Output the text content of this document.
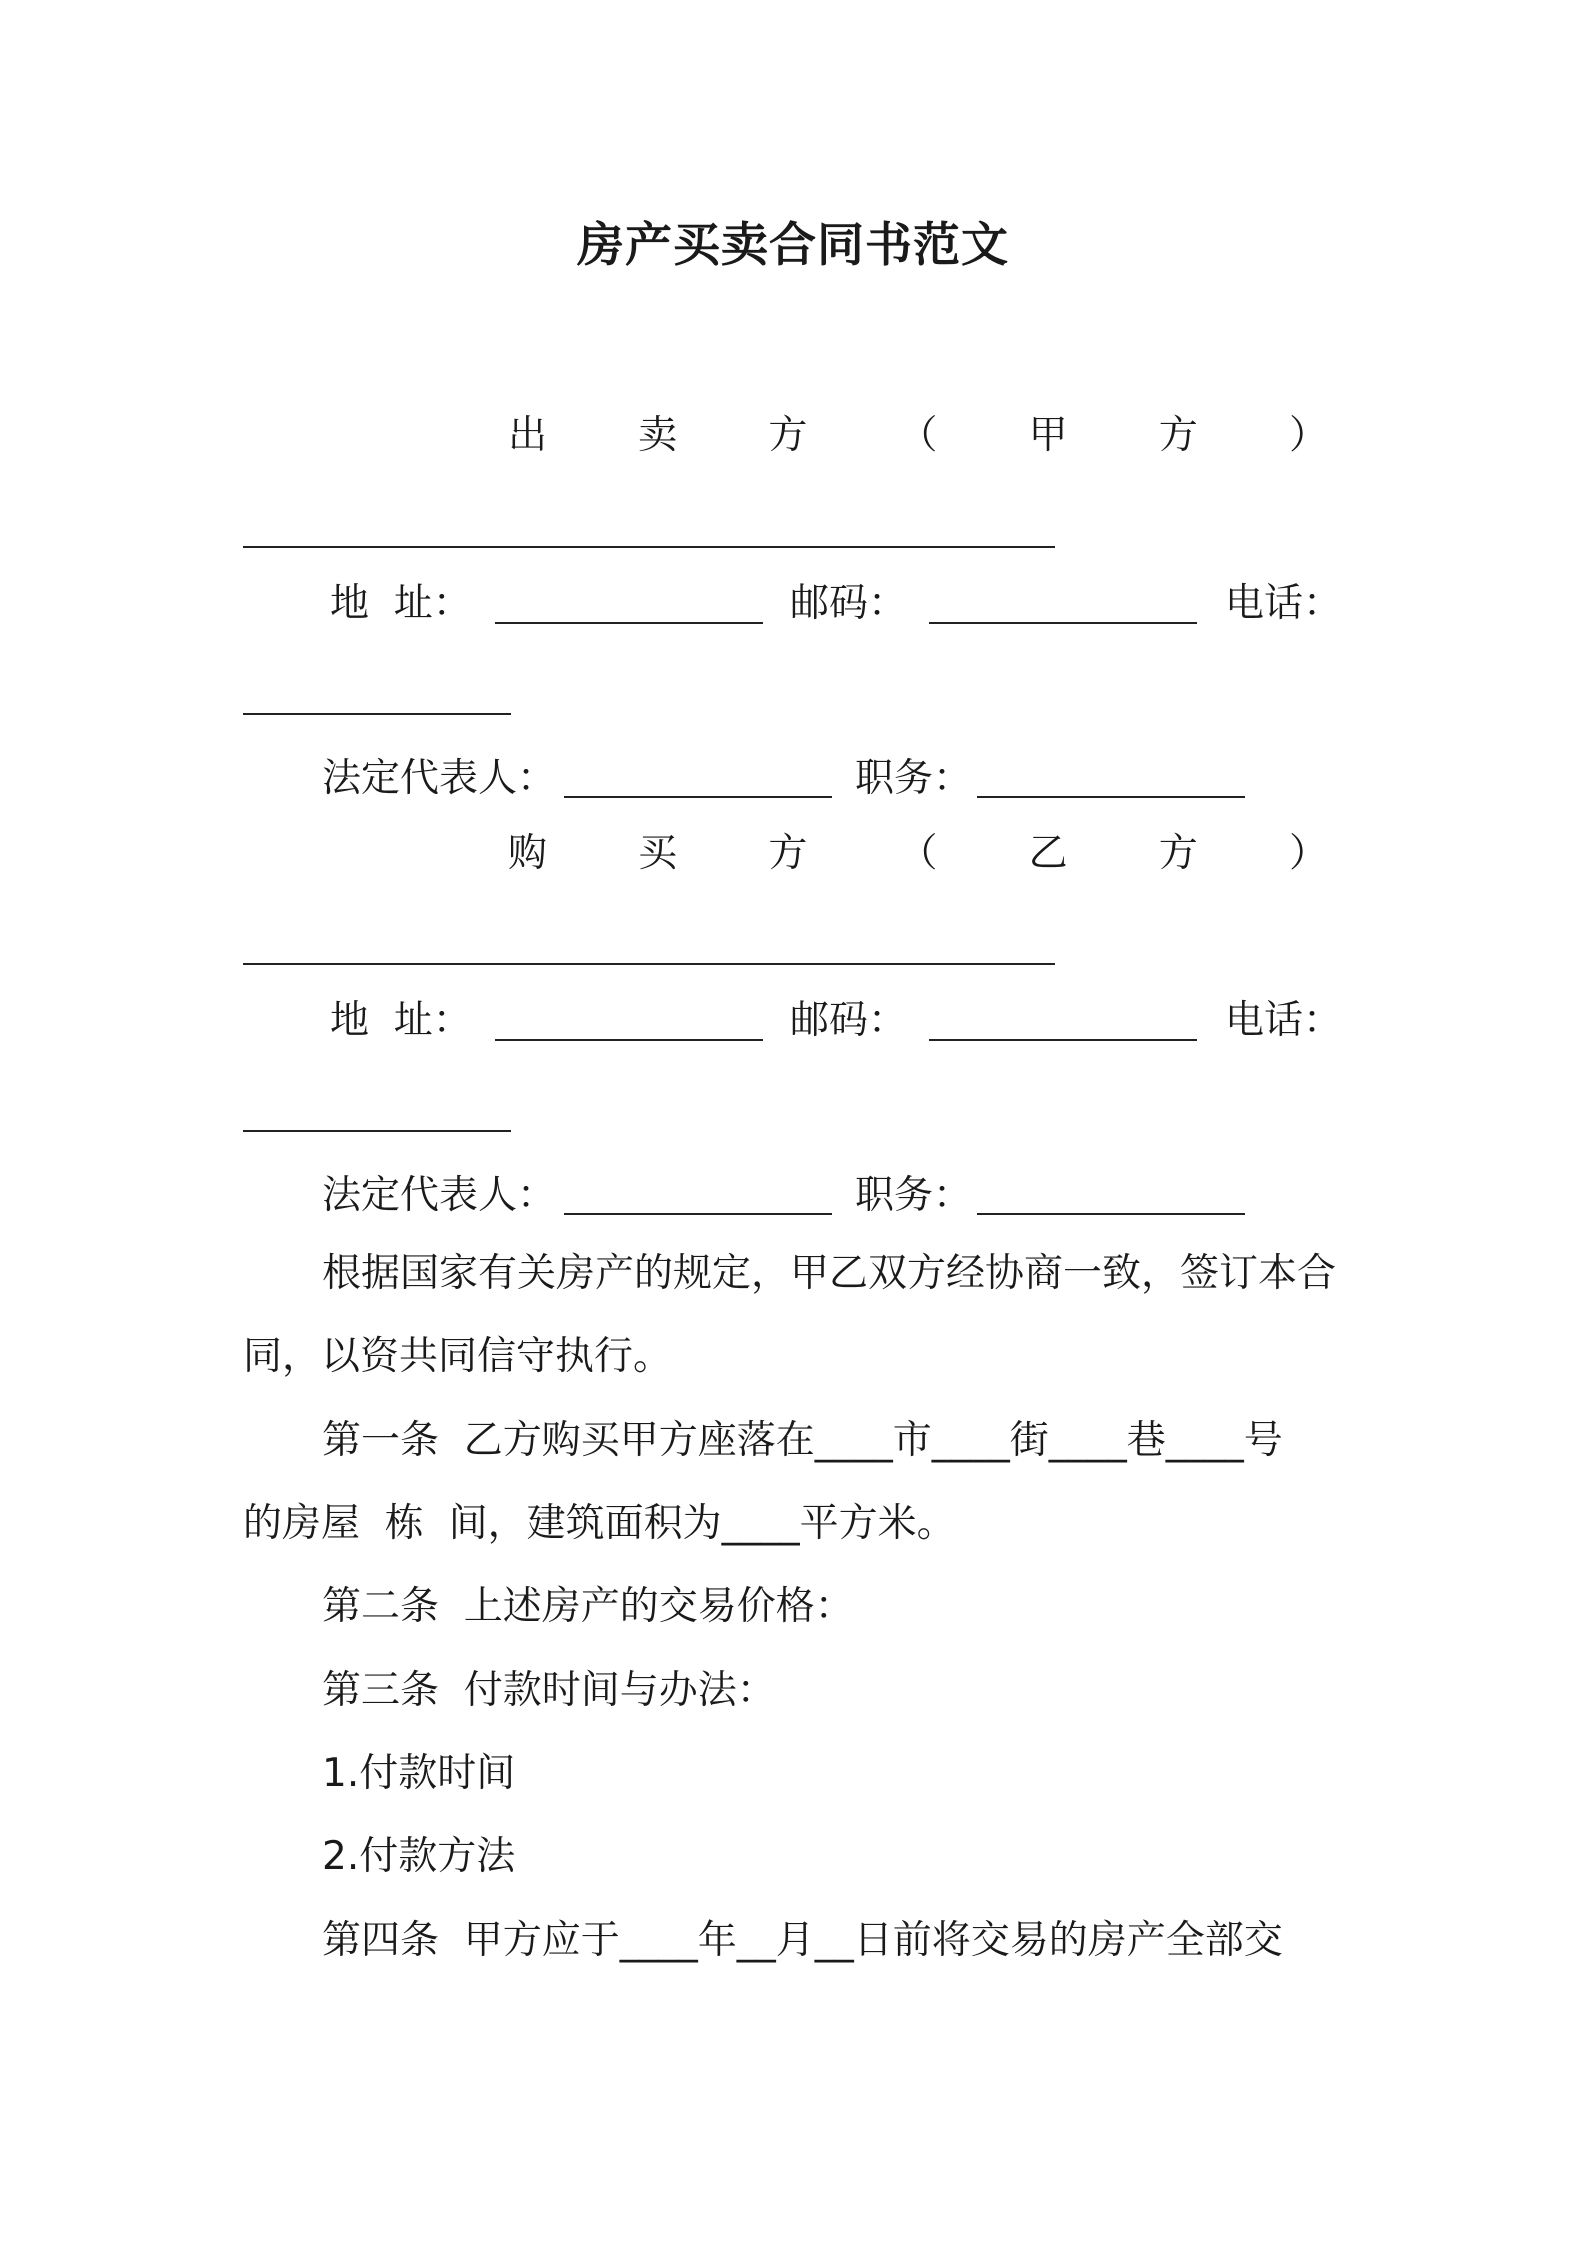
房产买卖合同书范文
出 卖 方 （ 甲 方 ）
地  址：	邮码：	电话：
法定代表人：	职务：
购 买 方 （ 乙 方 ）
地  址：	邮码：	电话：
法定代表人：	职务：
根据国家有关房产的规定，甲乙双方经协商一致，签订本合
同，以资共同信守执行。
第一条  乙方购买甲方座落在____市____街____巷____号
的房屋  栋  间，建筑面积为____平方米。
第二条  上述房产的交易价格：
第三条  付款时间与办法：
1.付款时间
2.付款方法
第四条  甲方应于____年__月__日前将交易的房产全部交
